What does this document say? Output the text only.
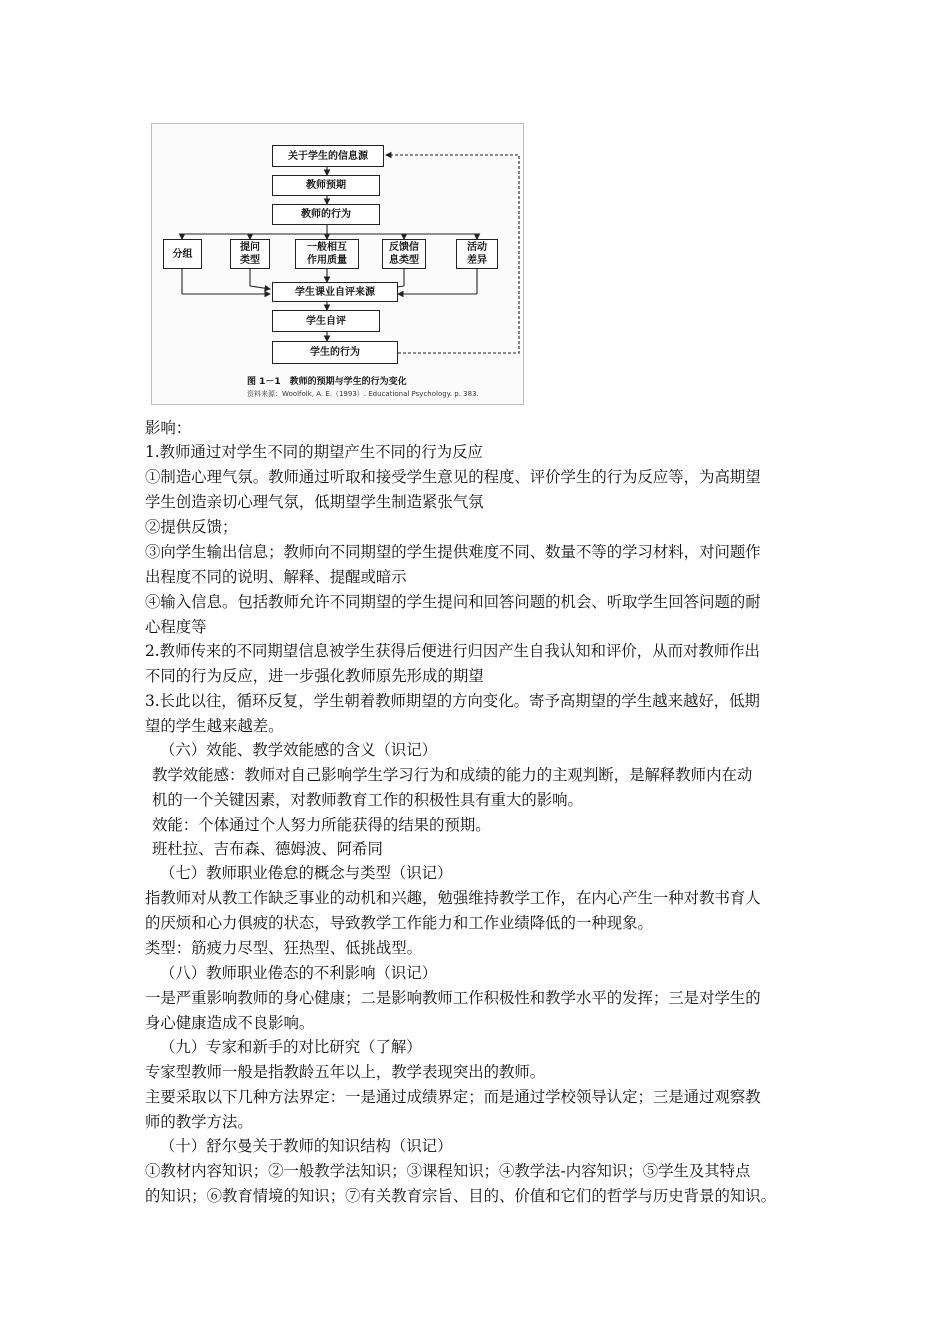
关于学生的信息源
教师预期
教师的行为
分组
提问
类型
一般相互
作用质量
反馈信
息类型
活动
差异
学生课业自评来源
学生自评
学生的行为
图 1－1　教师的预期与学生的行为变化
资料来源：Woolfolk, A. E.（1993）. Educational Psychology. p. 383.
影响：
1.教师通过对学生不同的期望产生不同的行为反应
①制造心理气氛。教师通过听取和接受学生意见的程度、评价学生的行为反应等，为高期望
学生创造亲切心理气氛，低期望学生制造紧张气氛
②提供反馈；
③向学生输出信息；教师向不同期望的学生提供难度不同、数量不等的学习材料，对问题作
出程度不同的说明、解释、提醒或暗示
④输入信息。包括教师允许不同期望的学生提问和回答问题的机会、听取学生回答问题的耐
心程度等
2.教师传来的不同期望信息被学生获得后便进行归因产生自我认知和评价，从而对教师作出
不同的行为反应，进一步强化教师原先形成的期望
3.长此以往，循环反复，学生朝着教师期望的方向变化。寄予高期望的学生越来越好，低期
望的学生越来越差。
（六）效能、教学效能感的含义（识记）
教学效能感：教师对自己影响学生学习行为和成绩的能力的主观判断，是解释教师内在动
机的一个关键因素，对教师教育工作的积极性具有重大的影响。
效能：个体通过个人努力所能获得的结果的预期。
班杜拉、吉布森、德姆波、阿希同
（七）教师职业倦怠的概念与类型（识记）
指教师对从教工作缺乏事业的动机和兴趣，勉强维持教学工作，在内心产生一种对教书育人
的厌烦和心力俱疲的状态，导致教学工作能力和工作业绩降低的一种现象。
类型：筋疲力尽型、狂热型、低挑战型。
（八）教师职业倦态的不利影响（识记）
一是严重影响教师的身心健康；二是影响教师工作积极性和教学水平的发挥；三是对学生的
身心健康造成不良影响。
（九）专家和新手的对比研究（了解）
专家型教师一般是指教龄五年以上，教学表现突出的教师。
主要采取以下几种方法界定：一是通过成绩界定；而是通过学校领导认定；三是通过观察教
师的教学方法。
（十）舒尔曼关于教师的知识结构（识记）
①教材内容知识；②一般教学法知识；③课程知识；④教学法-内容知识；⑤学生及其特点
的知识；⑥教育情境的知识；⑦有关教育宗旨、目的、价值和它们的哲学与历史背景的知识。
